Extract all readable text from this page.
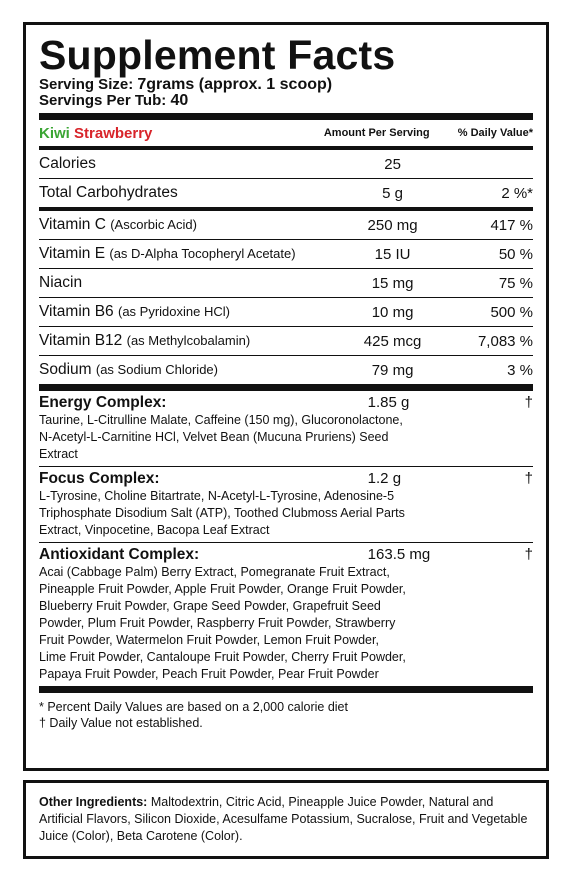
Supplement Facts
Serving Size: 7grams (approx. 1 scoop)
Servings Per Tub: 40
Kiwi Strawberry	Amount Per Serving	% Daily Value*
Calories	25
Total Carbohydrates	5 g	2 %*
Vitamin C (Ascorbic Acid)	250 mg	417 %
Vitamin E (as D-Alpha Tocopheryl Acetate)	15 IU	50 %
Niacin	15 mg	75 %
Vitamin B6 (as Pyridoxine HCl)	10 mg	500 %
Vitamin B12 (as Methylcobalamin)	425 mcg	7,083 %
Sodium (as Sodium Chloride)	79 mg	3 %
Energy Complex:	1.85 g	†
Taurine, L-Citrulline Malate, Caffeine (150 mg), Glucoronolactone, N-Acetyl-L-Carnitine HCl, Velvet Bean (Mucuna Pruriens) Seed Extract
Focus Complex:	1.2 g	†
L-Tyrosine, Choline Bitartrate, N-Acetyl-L-Tyrosine, Adenosine-5 Triphosphate Disodium Salt (ATP), Toothed Clubmoss Aerial Parts Extract, Vinpocetine, Bacopa Leaf Extract
Antioxidant Complex:	163.5 mg	†
Acai (Cabbage Palm) Berry Extract, Pomegranate Fruit Extract, Pineapple Fruit Powder, Apple Fruit Powder, Orange Fruit Powder, Blueberry Fruit Powder, Grape Seed Powder, Grapefruit Seed Powder, Plum Fruit Powder, Raspberry Fruit Powder, Strawberry Fruit Powder, Watermelon Fruit Powder, Lemon Fruit Powder, Lime Fruit Powder, Cantaloupe Fruit Powder, Cherry Fruit Powder, Papaya Fruit Powder, Peach Fruit Powder, Pear Fruit Powder
* Percent Daily Values are based on a 2,000 calorie diet
† Daily Value not established.
Other Ingredients: Maltodextrin, Citric Acid, Pineapple Juice Powder, Natural and Artificial Flavors, Silicon Dioxide, Acesulfame Potassium, Sucralose, Fruit and Vegetable Juice (Color), Beta Carotene (Color).
